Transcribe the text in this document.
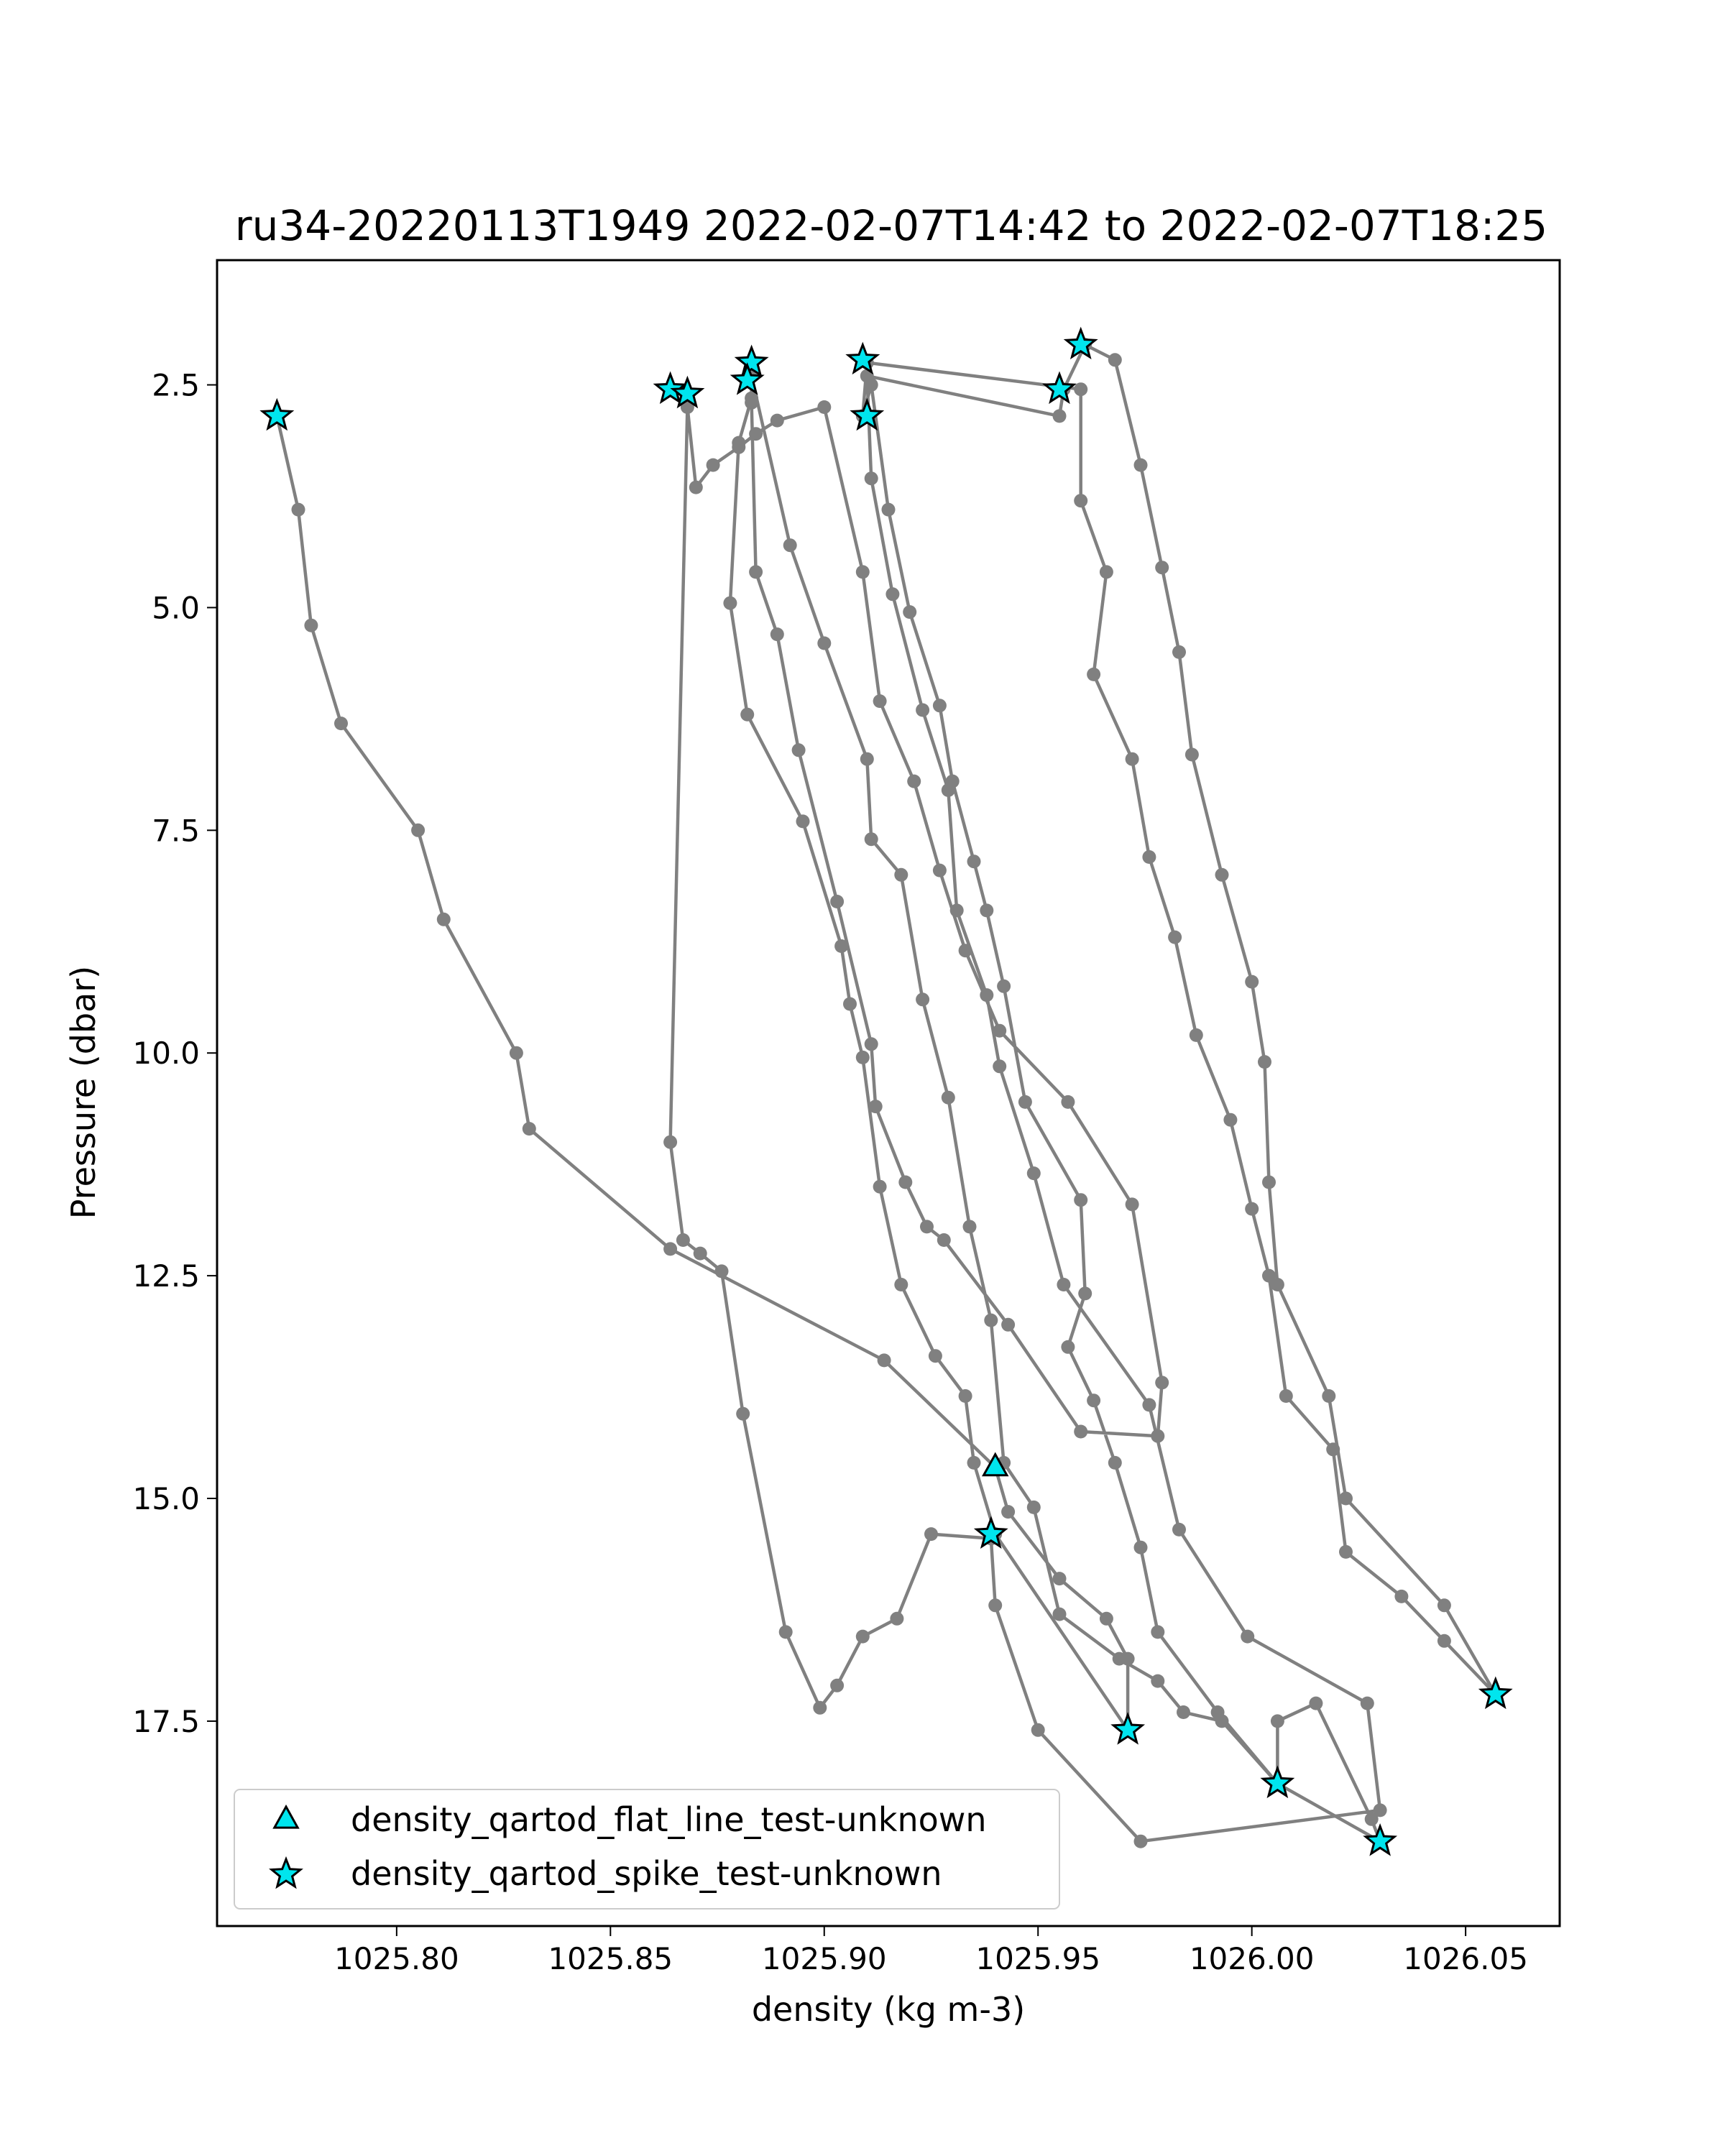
ru34-20220113T1949 2022-02-07T14:42 to 2022-02-07T18:25
1025.80	1025.85	1025.90	1025.95	1026.00	1026.05
2.5
5.0
7.5
10.0
12.5
15.0
17.5
density (kg m-3)
Pressure (dbar)
density_qartod_flat_line_test-unknown
density_qartod_spike_test-unknown
